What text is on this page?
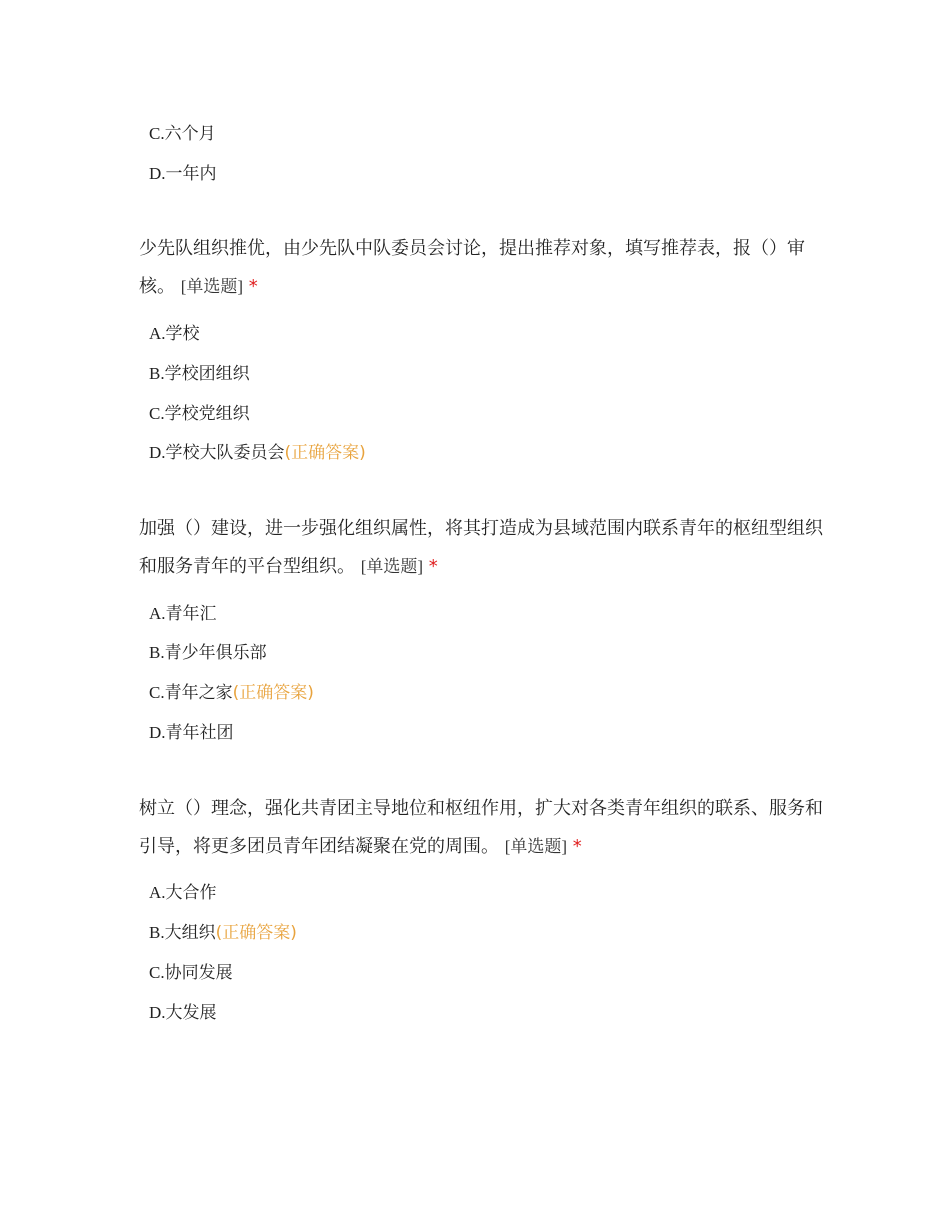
C.六个月
D.一年内
少先队组织推优，由少先队中队委员会讨论，提出推荐对象，填写推荐表，报（）审核。 [单选题] *
A.学校
B.学校团组织
C.学校党组织
D.学校大队委员会(正确答案)
加强（）建设，进一步强化组织属性，将其打造成为县域范围内联系青年的枢纽型组织和服务青年的平台型组织。 [单选题] *
A.青年汇
B.青少年俱乐部
C.青年之家(正确答案)
D.青年社团
树立（）理念，强化共青团主导地位和枢纽作用，扩大对各类青年组织的联系、服务和引导，将更多团员青年团结凝聚在党的周围。 [单选题] *
A.大合作
B.大组织(正确答案)
C.协同发展
D.大发展
